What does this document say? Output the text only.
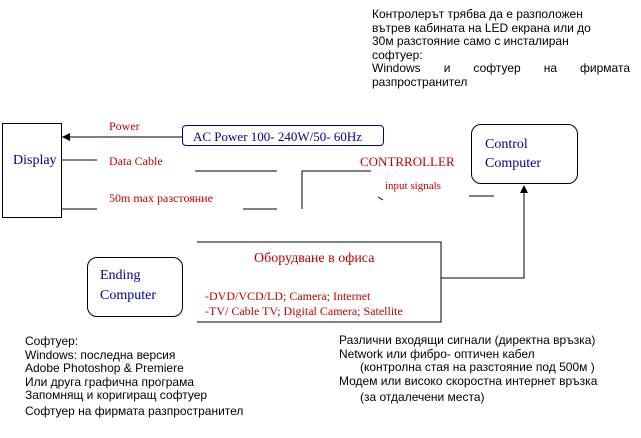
Контролерът трябва да е разположен
вътрев кабината на LED екрана или до
30м разстояние само с инсталиран
софтуер:
Windows и софтуер на фирмата
разпространител
Display
Power
Data Cable
50m max разстояние
AC Power 100- 240W/50- 60Hz
CONTRROLLER
input signals
Control
Computer
Ending
Computer
Оборудване в офиса
-DVD/VCD/LD; Camera; Internet
-TV/ Cable TV; Digital Camera; Satellite
Софтуер:
Windows: последна версия
Adobe Photoshop & Premiere
Или друга графична програма
Запомнящ и коригиращ софтуер
Софтуер на фирмата разпространител
Различни входящи сигнали (директна връзка)
Network или фибро- оптичен кабел
(контролна стая на разстояние под 500м )
Модем или високо скоростна интернет връзка
(за отдалечени места)
